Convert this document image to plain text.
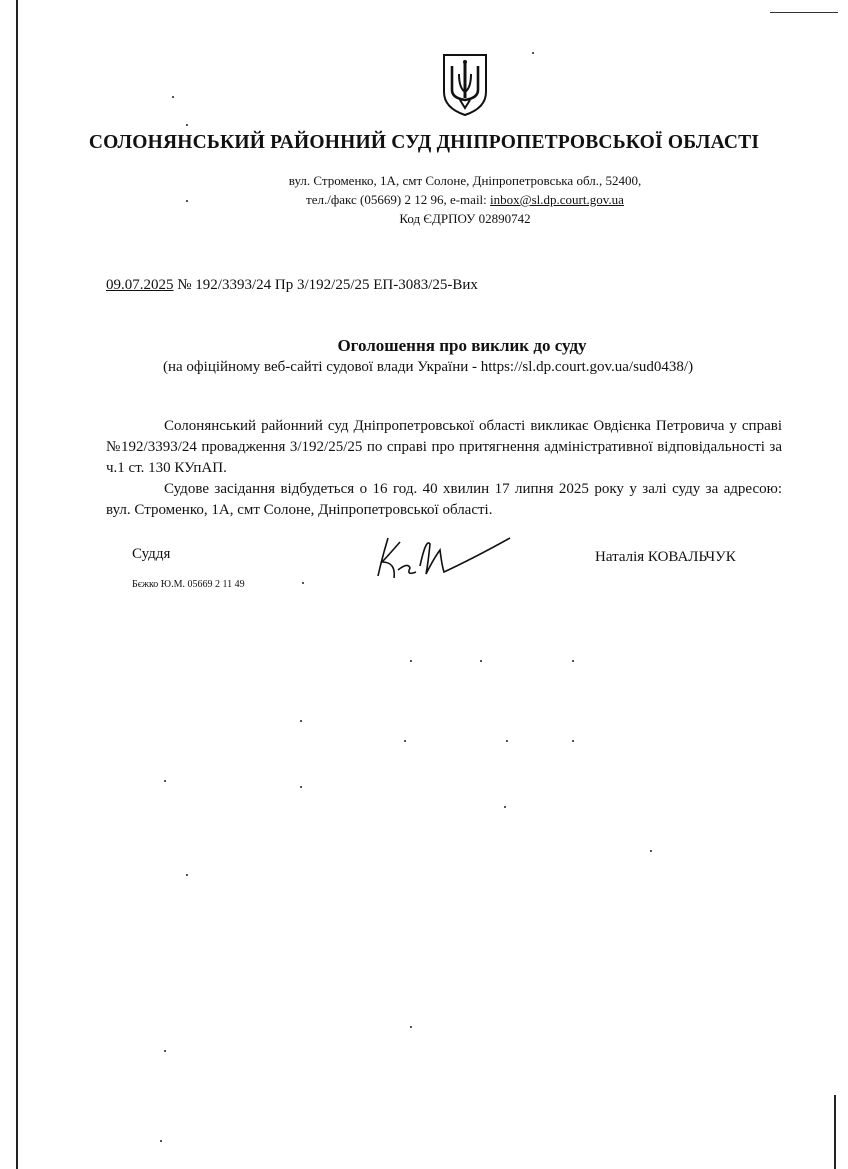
СОЛОНЯНСЬКИЙ РАЙОННИЙ СУД ДНІПРОПЕТРОВСЬКОЇ ОБЛАСТІ
вул. Строменко, 1А, смт Солоне, Дніпропетровська обл., 52400,
тел./факс (05669) 2 12 96, e-mail: inbox@sl.dp.court.gov.ua
Код ЄДРПОУ 02890742
09.07.2025 № 192/3393/24 Пр 3/192/25/25 ЕП-3083/25-Вих
Оголошення про виклик до суду
(на офіційному веб-сайті судової влади України - https://sl.dp.court.gov.ua/sud0438/)

Солонянський районний суд Дніпропетровської області викликає Овдієнка Петровича у справі №192/3393/24 провадження 3/192/25/25 по справі про притягнення адміністративної відповідальності за ч.1 ст. 130 КУпАП.

Судове засідання відбудеться о 16 год. 40 хвилин 17 липня 2025 року у залі суду за адресою: вул. Строменко, 1А, смт Солоне, Дніпропетровської області.

Суддя	Наталія КОВАЛЬЧУК
Бєжко Ю.М. 05669 2 11 49
